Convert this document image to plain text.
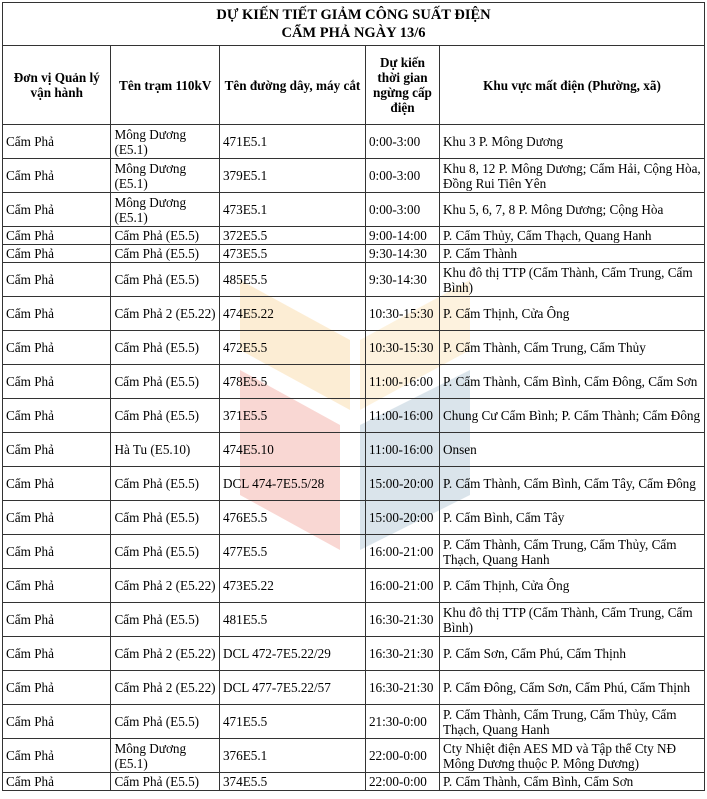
DỰ KIẾN TIẾT GIẢM CÔNG SUẤT ĐIỆN
CẨM PHẢ NGÀY 13/6				

Đơn vị Quản lý vận hành	Tên trạm 110kV	Tên đường dây, máy cắt	Dự kiến thời gian ngừng cấp điện	Khu vực mất điện (Phường, xã)
Cẩm Phả	Mông Dương (E5.1)	471E5.1	0:00-3:00	Khu 3 P. Mông Dương
Cẩm Phả	Mông Dương (E5.1)	379E5.1	0:00-3:00	Khu 8, 12 P. Mông Dương; Cẩm Hải, Cộng Hòa, Đồng Rui Tiên Yên
Cẩm Phả	Mông Dương (E5.1)	473E5.1	0:00-3:00	Khu 5, 6, 7, 8 P. Mông Dương; Cộng Hòa
Cẩm Phả	Cẩm Phả (E5.5)	372E5.5	9:00-14:00	P. Cẩm Thủy, Cẩm Thạch, Quang Hanh
Cẩm Phả	Cẩm Phả (E5.5)	473E5.5	9:30-14:30	P. Cẩm Thành
Cẩm Phả	Cẩm Phả (E5.5)	485E5.5	9:30-14:30	Khu đô thị TTP (Cẩm Thành, Cẩm Trung, Cẩm Bình)
Cẩm Phả	Cẩm Phả 2 (E5.22)	474E5.22	10:30-15:30	P. Cẩm Thịnh, Cửa Ông
Cẩm Phả	Cẩm Phả (E5.5)	472E5.5	10:30-15:30	P. Cẩm Thành, Cẩm Trung, Cẩm Thủy
Cẩm Phả	Cẩm Phả (E5.5)	478E5.5	11:00-16:00	P. Cẩm Thành, Cẩm Bình, Cẩm Đông, Cẩm Sơn
Cẩm Phả	Cẩm Phả (E5.5)	371E5.5	11:00-16:00	Chung Cư Cẩm Bình; P. Cẩm Thành; Cẩm Đông
Cẩm Phả	Hà Tu (E5.10)	474E5.10	11:00-16:00	Onsen
Cẩm Phả	Cẩm Phả (E5.5)	DCL 474-7E5.5/28	15:00-20:00	P. Cẩm Thành, Cẩm Bình, Cẩm Tây, Cẩm Đông
Cẩm Phả	Cẩm Phả (E5.5)	476E5.5	15:00-20:00	P. Cẩm Bình, Cẩm Tây
Cẩm Phả	Cẩm Phả (E5.5)	477E5.5	16:00-21:00	P. Cẩm Thành, Cẩm Trung, Cẩm Thủy, Cẩm Thạch, Quang Hanh
Cẩm Phả	Cẩm Phả 2 (E5.22)	473E5.22	16:00-21:00	P. Cẩm Thịnh, Cửa Ông
Cẩm Phả	Cẩm Phả (E5.5)	481E5.5	16:30-21:30	Khu đô thị TTP (Cẩm Thành, Cẩm Trung, Cẩm Bình)
Cẩm Phả	Cẩm Phả 2 (E5.22)	DCL 472-7E5.22/29	16:30-21:30	P. Cẩm Sơn, Cẩm Phú, Cẩm Thịnh
Cẩm Phả	Cẩm Phả 2 (E5.22)	DCL 477-7E5.22/57	16:30-21:30	P. Cẩm Đông, Cẩm Sơn, Cẩm Phú, Cẩm Thịnh
Cẩm Phả	Cẩm Phả (E5.5)	471E5.5	21:30-0:00	P. Cẩm Thành, Cẩm Trung, Cẩm Thủy, Cẩm Thạch, Quang Hanh
Cẩm Phả	Mông Dương (E5.1)	376E5.1	22:00-0:00	Cty Nhiệt điện AES MD và Tập thể Cty NĐ Mông Dương thuộc P. Mông Dương)
Cẩm Phả	Cẩm Phả (E5.5)	374E5.5	22:00-0:00	P. Cẩm Thành, Cẩm Bình, Cẩm Sơn
